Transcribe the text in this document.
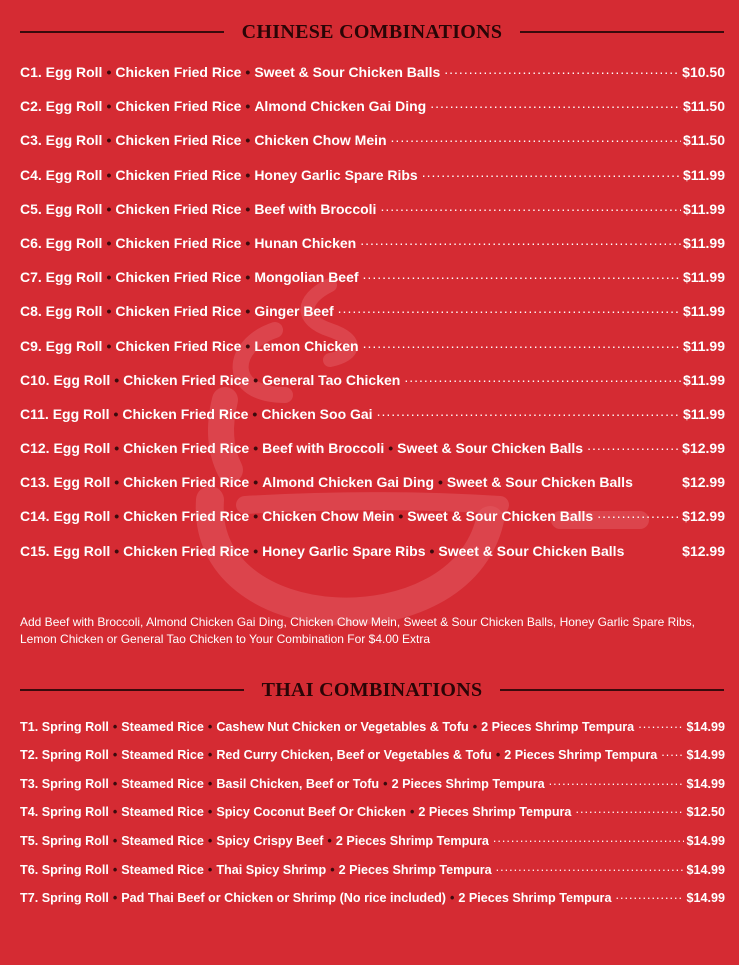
CHINESE COMBINATIONS
C1. Egg Roll • Chicken Fried Rice • Sweet & Sour Chicken Balls .....	$10.50
C2. Egg Roll • Chicken Fried Rice • Almond Chicken Gai Ding .....	$11.50
C3. Egg Roll • Chicken Fried Rice • Chicken Chow Mein .....	$11.50
C4. Egg Roll • Chicken Fried Rice • Honey Garlic Spare Ribs .....	$11.99
C5. Egg Roll • Chicken Fried Rice • Beef with Broccoli .....	$11.99
C6. Egg Roll • Chicken Fried Rice • Hunan Chicken .....	$11.99
C7. Egg Roll • Chicken Fried Rice • Mongolian Beef .....	$11.99
C8. Egg Roll • Chicken Fried Rice • Ginger Beef .....	$11.99
C9. Egg Roll • Chicken Fried Rice • Lemon Chicken .....	$11.99
C10. Egg Roll • Chicken Fried Rice • General Tao Chicken .....	$11.99
C11. Egg Roll • Chicken Fried Rice • Chicken Soo Gai .....	$11.99
C12. Egg Roll • Chicken Fried Rice • Beef with Broccoli • Sweet & Sour Chicken Balls .....	$12.99
C13. Egg Roll • Chicken Fried Rice • Almond Chicken Gai Ding • Sweet & Sour Chicken Balls	$12.99
C14. Egg Roll • Chicken Fried Rice • Chicken Chow Mein • Sweet & Sour Chicken Balls .....	$12.99
C15. Egg Roll • Chicken Fried Rice • Honey Garlic Spare Ribs • Sweet & Sour Chicken Balls	$12.99
Add Beef with Broccoli, Almond Chicken Gai Ding, Chicken Chow Mein, Sweet & Sour Chicken Balls, Honey Garlic Spare Ribs, Lemon Chicken or General Tao Chicken to Your Combination For $4.00 Extra
THAI COMBINATIONS
T1. Spring Roll • Steamed Rice • Cashew Nut Chicken or Vegetables & Tofu • 2 Pieces Shrimp Tempura .....	$14.99
T2. Spring Roll • Steamed Rice • Red Curry Chicken, Beef or Vegetables & Tofu • 2 Pieces Shrimp Tempura ..... $14.99
T3. Spring Roll • Steamed Rice • Basil Chicken, Beef or Tofu • 2 Pieces Shrimp Tempura .....	$14.99
T4. Spring Roll • Steamed Rice • Spicy Coconut Beef Or Chicken • 2 Pieces Shrimp Tempura .....	$12.50
T5. Spring Roll • Steamed Rice • Spicy Crispy Beef • 2 Pieces Shrimp Tempura .....	$14.99
T6. Spring Roll • Steamed Rice • Thai Spicy Shrimp • 2 Pieces Shrimp Tempura .....	$14.99
T7. Spring Roll • Pad Thai Beef or Chicken or Shrimp (No rice included) • 2 Pieces Shrimp Tempura .....	$14.99
